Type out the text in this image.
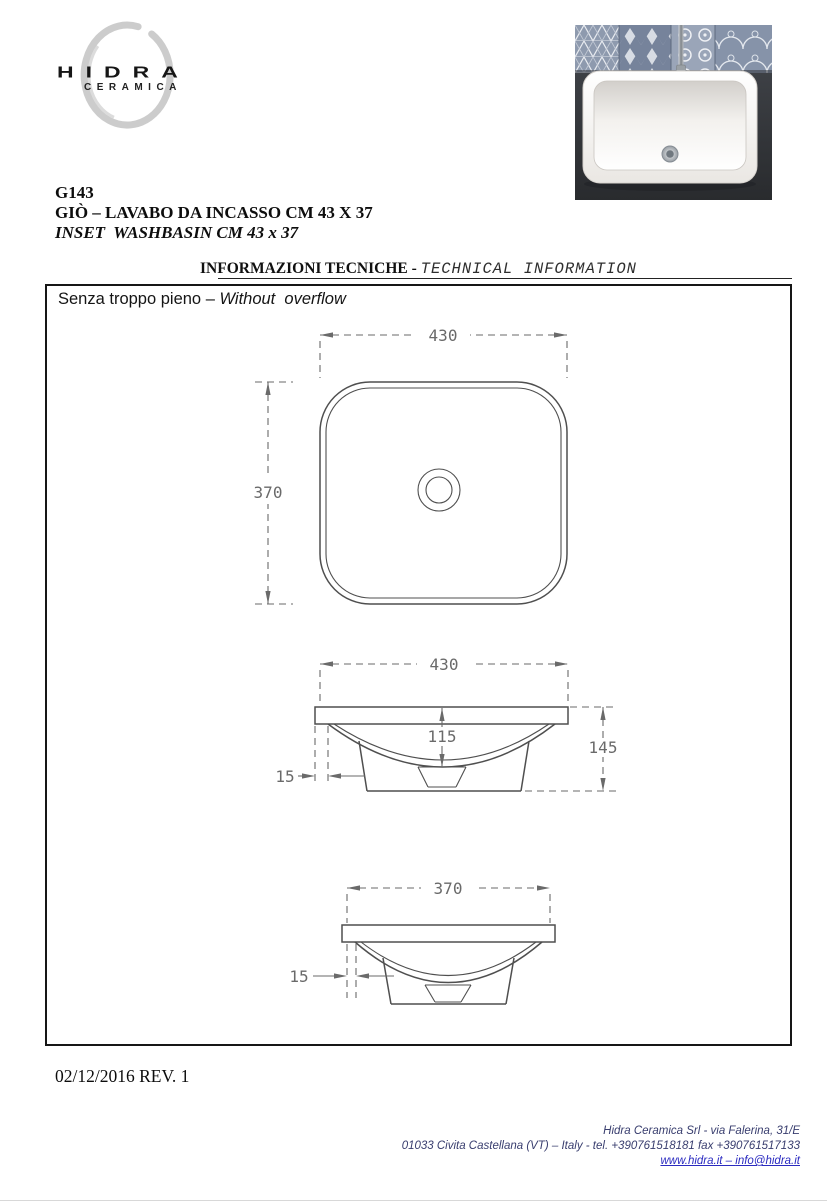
HIDRA
CERAMICA
G143
GIÒ – LAVABO DA INCASSO CM 43 X 37
INSET  WASHBASIN CM 43 x 37
INFORMAZIONI TECNICHE - TECHNICAL INFORMATION
Senza troppo pieno – Without  overflow
430
370
430
115
145
15
370
15
02/12/2016 REV. 1
Hidra Ceramica Srl - via Falerina, 31/E
01033 Civita Castellana (VT) – Italy - tel. +390761518181 fax +390761517133
www.hidra.it – info@hidra.it
